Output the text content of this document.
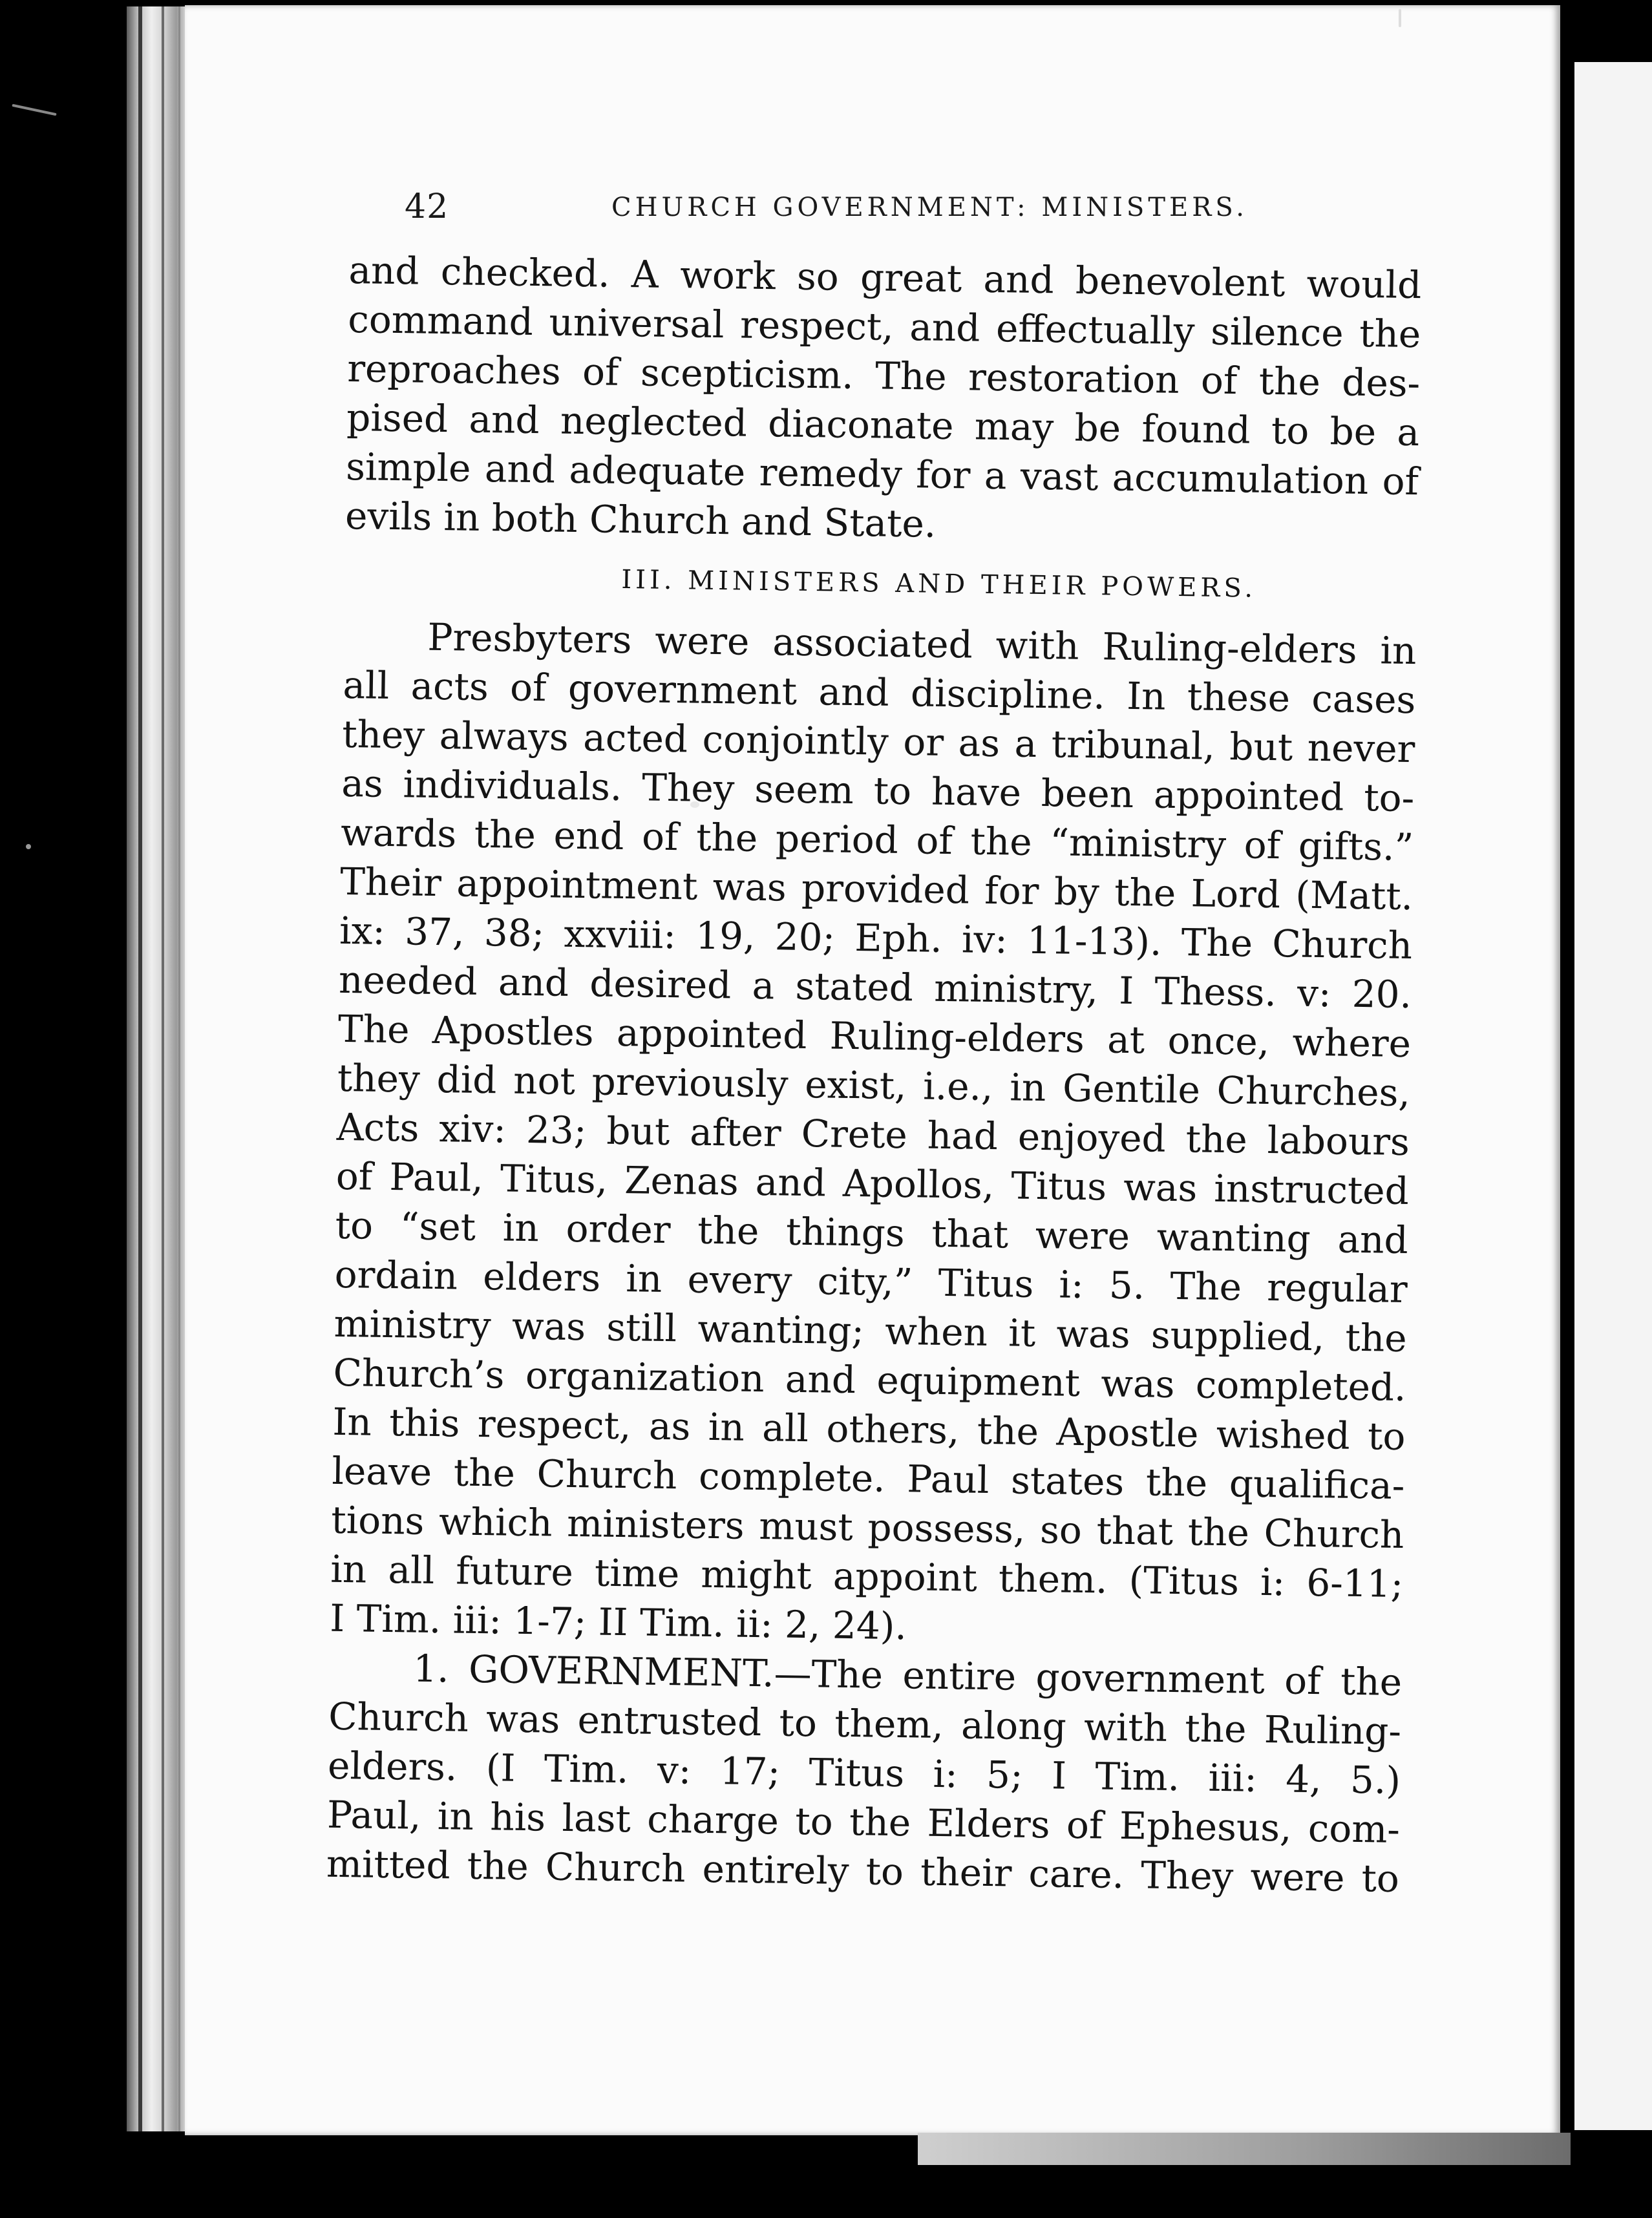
42	CHURCH GOVERNMENT: MINISTERS.
and checked. A work so great and benevolent would
command universal respect, and effectually silence the
reproaches of scepticism. The restoration of the des-
pised and neglected diaconate may be found to be a
simple and adequate remedy for a vast accumulation of
evils in both Church and State.
III. MINISTERS AND THEIR POWERS.
Presbyters were associated with Ruling-elders in
all acts of government and discipline. In these cases
they always acted conjointly or as a tribunal, but never
as individuals. They seem to have been appointed to-
wards the end of the period of the “ministry of gifts.”
Their appointment was provided for by the Lord (Matt.
ix: 37, 38; xxviii: 19, 20; Eph. iv: 11-13). The Church
needed and desired a stated ministry, I Thess. v: 20.
The Apostles appointed Ruling-elders at once, where
they did not previously exist, i.e., in Gentile Churches,
Acts xiv: 23; but after Crete had enjoyed the labours
of Paul, Titus, Zenas and Apollos, Titus was instructed
to “set in order the things that were wanting and
ordain elders in every city,” Titus i: 5. The regular
ministry was still wanting; when it was supplied, the
Church’s organization and equipment was completed.
In this respect, as in all others, the Apostle wished to
leave the Church complete. Paul states the qualifica-
tions which ministers must possess, so that the Church
in all future time might appoint them. (Titus i: 6-11;
I Tim. iii: 1-7; II Tim. ii: 2, 24).
1. GOVERNMENT.—The entire government of the
Church was entrusted to them, along with the Ruling-
elders. (I Tim. v: 17; Titus i: 5; I Tim. iii: 4, 5.)
Paul, in his last charge to the Elders of Ephesus, com-
mitted the Church entirely to their care. They were to
